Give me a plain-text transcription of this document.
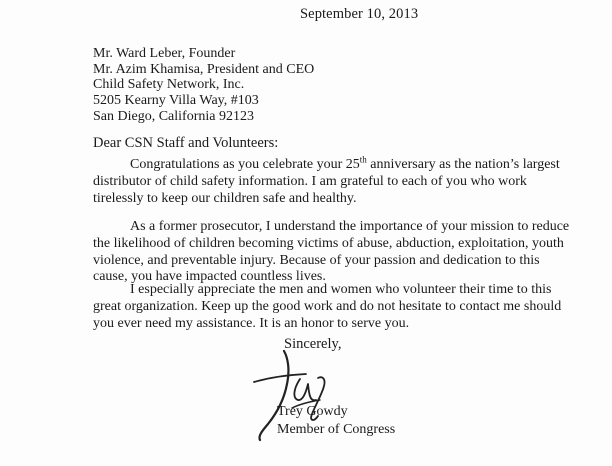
September 10, 2013
Mr. Ward Leber, Founder
Mr. Azim Khamisa, President and CEO
Child Safety Network, Inc.
5205 Kearny Villa Way, #103
San Diego, California 92123
Dear CSN Staff and Volunteers:
Congratulations as you celebrate your 25th anniversary as the nation’s largest
distributor of child safety information. I am grateful to each of you who work
tirelessly to keep our children safe and healthy.
As a former prosecutor, I understand the importance of your mission to reduce
the likelihood of children becoming victims of abuse, abduction, exploitation, youth
violence, and preventable injury. Because of your passion and dedication to this
cause, you have impacted countless lives.
I especially appreciate the men and women who volunteer their time to this
great organization. Keep up the good work and do not hesitate to contact me should
you ever need my assistance. It is an honor to serve you.
Sincerely,
Trey Gowdy
Member of Congress
